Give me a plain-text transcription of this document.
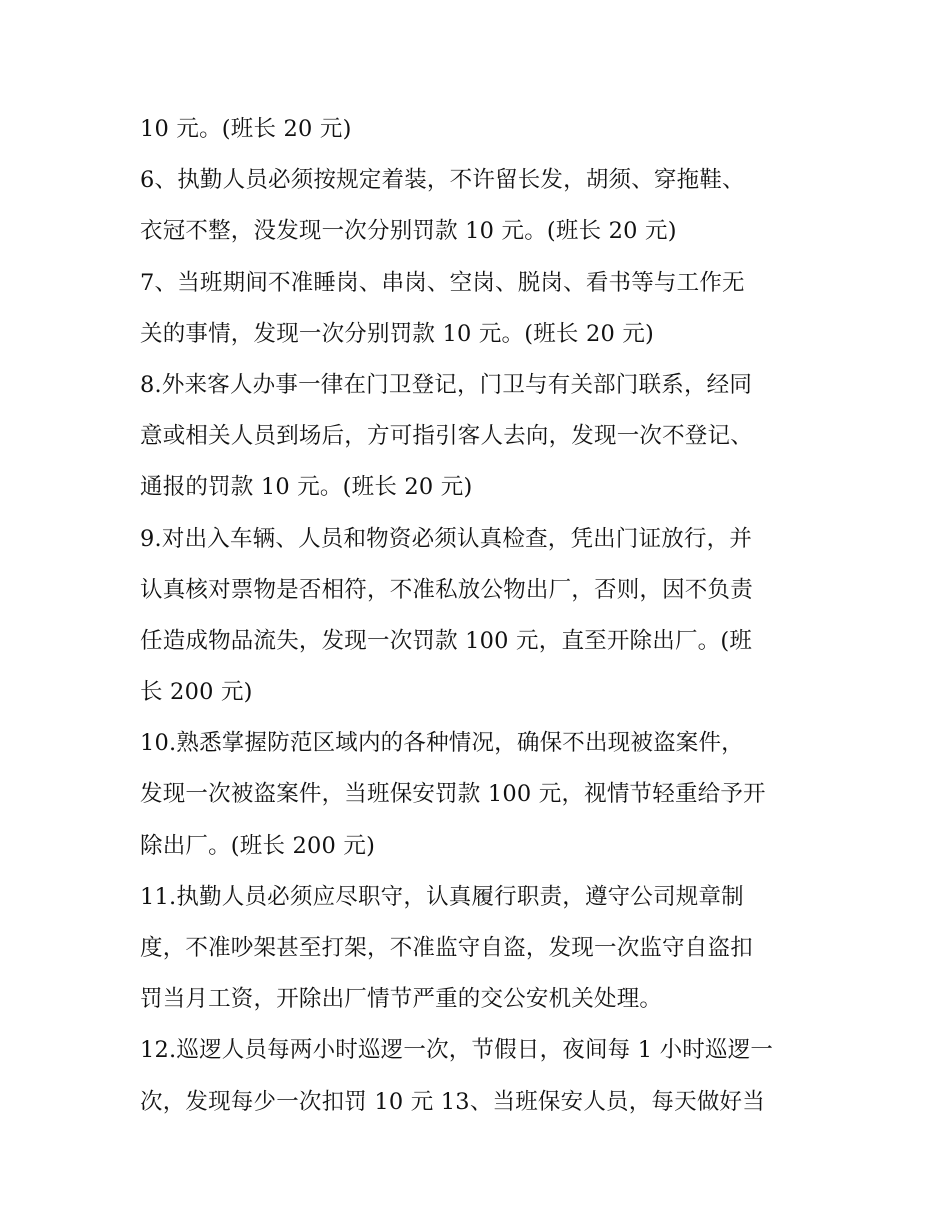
10 元。(班长 20 元)
6、执勤人员必须按规定着装，不许留长发，胡须、穿拖鞋、
衣冠不整，没发现一次分别罚款 10 元。(班长 20 元)
7、当班期间不准睡岗、串岗、空岗、脱岗、看书等与工作无
关的事情，发现一次分别罚款 10 元。(班长 20 元)
8.外来客人办事一律在门卫登记，门卫与有关部门联系，经同
意或相关人员到场后，方可指引客人去向，发现一次不登记、
通报的罚款 10 元。(班长 20 元)
9.对出入车辆、人员和物资必须认真检查，凭出门证放行，并
认真核对票物是否相符，不准私放公物出厂，否则，因不负责
任造成物品流失，发现一次罚款 100 元，直至开除出厂。(班
长 200 元)
10.熟悉掌握防范区域内的各种情况，确保不出现被盗案件，
发现一次被盗案件，当班保安罚款 100 元，视情节轻重给予开
除出厂。(班长 200 元)
11.执勤人员必须应尽职守，认真履行职责，遵守公司规章制
度，不准吵架甚至打架，不准监守自盗，发现一次监守自盗扣
罚当月工资，开除出厂情节严重的交公安机关处理。
12.巡逻人员每两小时巡逻一次，节假日，夜间每 1 小时巡逻一
次，发现每少一次扣罚 10 元 13、当班保安人员，每天做好当
